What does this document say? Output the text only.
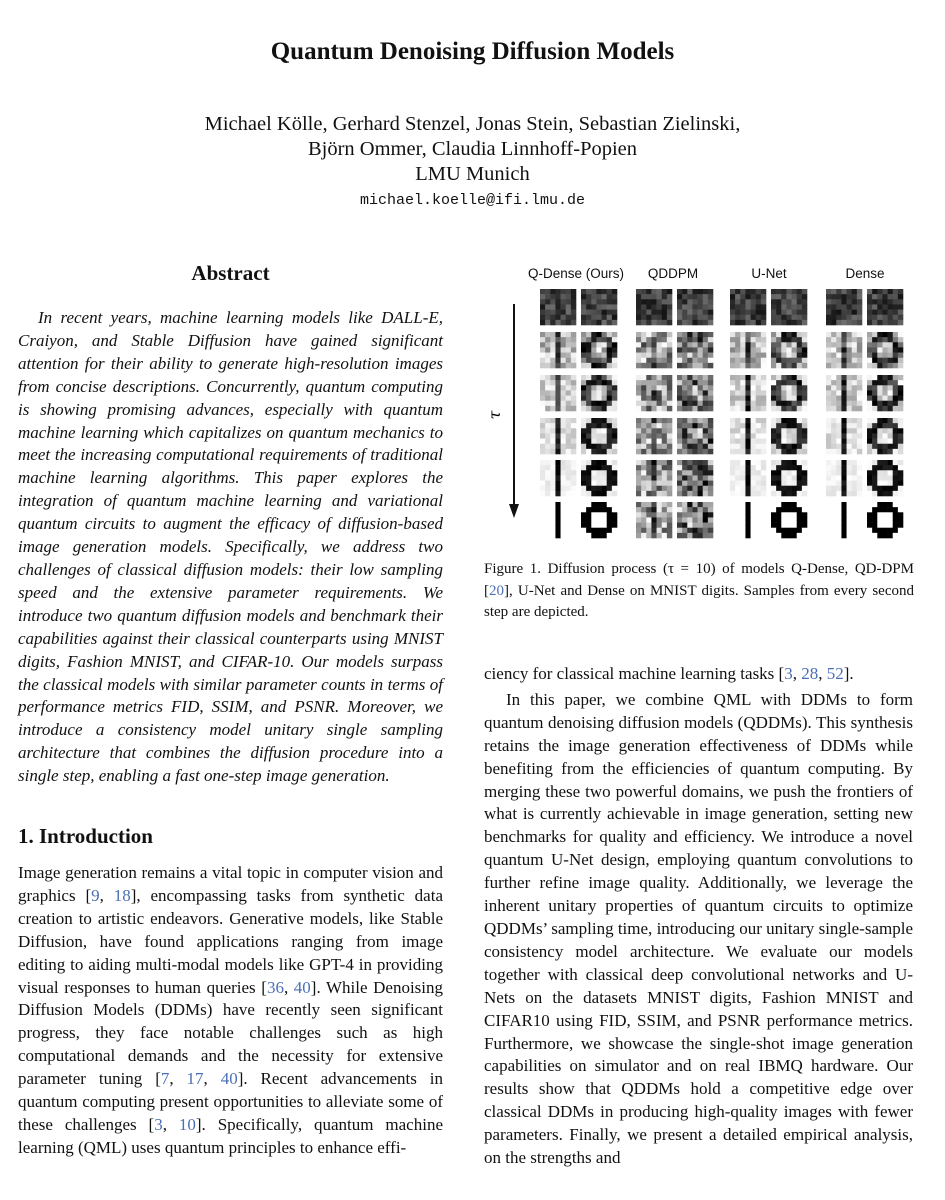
Quantum Denoising Diffusion Models
Michael Kölle, Gerhard Stenzel, Jonas Stein, Sebastian Zielinski,
Björn Ommer, Claudia Linnhoff-Popien
LMU Munich
michael.koelle@ifi.lmu.de
Abstract
In recent years, machine learning models like DALL-E, Craiyon, and Stable Diffusion have gained significant attention for their ability to generate high-resolution images from concise descriptions. Concurrently, quantum computing is showing promising advances, especially with quantum machine learning which capitalizes on quantum mechanics to meet the increasing computational requirements of traditional machine learning algorithms. This paper explores the integration of quantum machine learning and variational quantum circuits to augment the efficacy of diffusion-based image generation models. Specifically, we address two challenges of classical diffusion models: their low sampling speed and the extensive parameter requirements. We introduce two quantum diffusion models and benchmark their capabilities against their classical counterparts using MNIST digits, Fashion MNIST, and CIFAR-10. Our models surpass the classical models with similar parameter counts in terms of performance metrics FID, SSIM, and PSNR. Moreover, we introduce a consistency model unitary single sampling architecture that combines the diffusion procedure into a single step, enabling a fast one-step image generation.
1. Introduction
Image generation remains a vital topic in computer vision and graphics [9, 18], encompassing tasks from synthetic data creation to artistic endeavors. Generative models, like Stable Diffusion, have found applications ranging from image editing to aiding multi-modal models like GPT-4 in providing visual responses to human queries [36, 40]. While Denoising Diffusion Models (DDMs) have recently seen significant progress, they face notable challenges such as high computational demands and the necessity for extensive parameter tuning [7, 17, 40]. Recent advancements in quantum computing present opportunities to alleviate some of these challenges [3, 10]. Specifically, quantum machine learning (QML) uses quantum principles to enhance effi-
Q-Dense (Ours) QDDPM	U-Net	Dense
τ
Figure 1. Diffusion process (τ = 10) of models Q-Dense, QD-DPM [20], U-Net and Dense on MNIST digits. Samples from every second step are depicted.

ciency for classical machine learning tasks [3, 28, 52].

In this paper, we combine QML with DDMs to form quantum denoising diffusion models (QDDMs). This synthesis retains the image generation effectiveness of DDMs while benefiting from the efficiencies of quantum computing. By merging these two powerful domains, we push the frontiers of what is currently achievable in image generation, setting new benchmarks for quality and efficiency. We introduce a novel quantum U-Net design, employing quantum convolutions to further refine image quality. Additionally, we leverage the inherent unitary properties of quantum circuits to optimize QDDMs’ sampling time, introducing our unitary single-sample consistency model architecture. We evaluate our models together with classical deep convolutional networks and U-Nets on the datasets MNIST digits, Fashion MNIST and CIFAR10 using FID, SSIM, and PSNR performance metrics. Furthermore, we showcase the single-shot image generation capabilities on simulator and on real IBMQ hardware. Our results show that QDDMs hold a competitive edge over classical DDMs in producing high-quality images with fewer parameters. Finally, we present a detailed empirical analysis, on the strengths and
